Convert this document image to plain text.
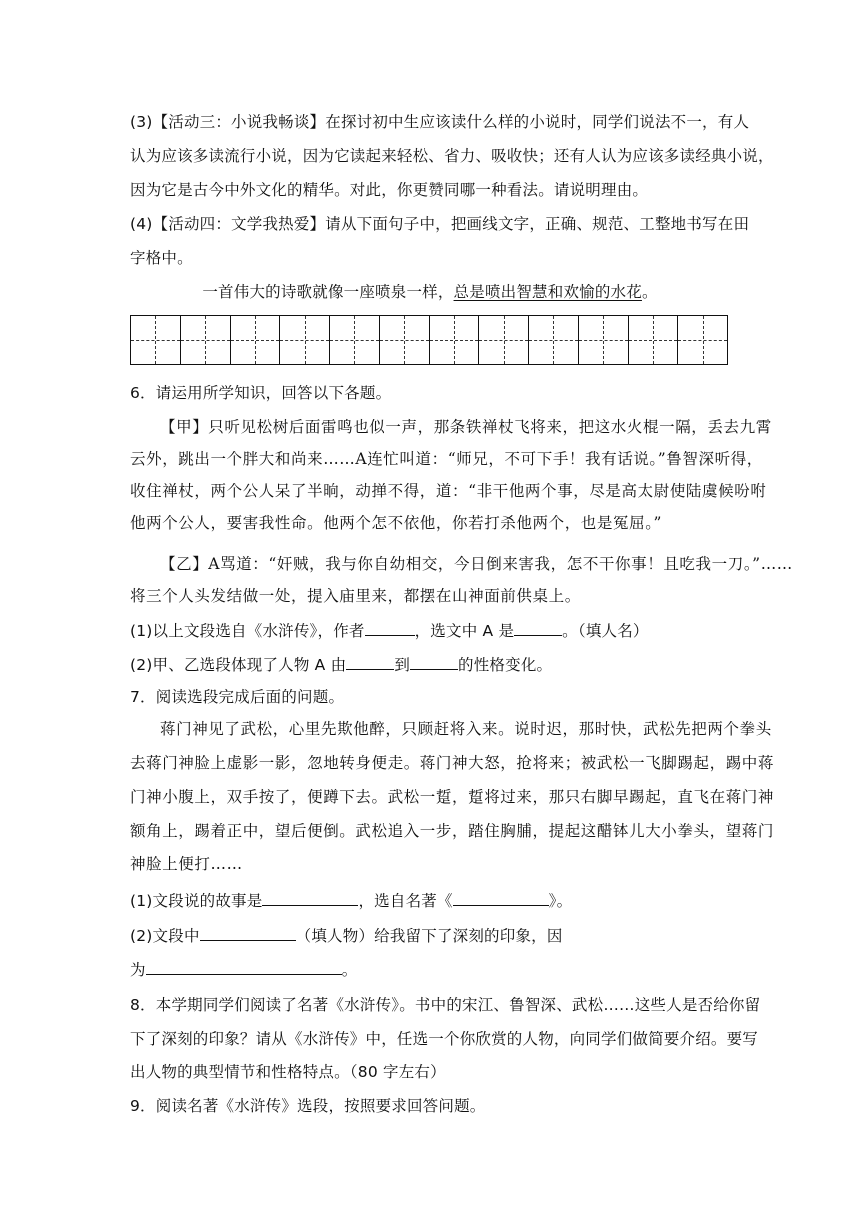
(3)【活动三：小说我畅谈】在探讨初中生应该读什么样的小说时，同学们说法不一，有人
认为应该多读流行小说，因为它读起来轻松、省力、吸收快；还有人认为应该多读经典小说，
因为它是古今中外文化的精华。对此，你更赞同哪一种看法。请说明理由。
(4)【活动四：文学我热爱】请从下面句子中，把画线文字，正确、规范、工整地书写在田
字格中。
一首伟大的诗歌就像一座喷泉一样，总是喷出智慧和欢愉的水花。
6．请运用所学知识，回答以下各题。
【甲】只听见松树后面雷鸣也似一声，那条铁禅杖飞将来，把这水火棍一隔，丢去九霄
云外，跳出一个胖大和尚来……A连忙叫道：“师兄，不可下手！我有话说。”鲁智深听得，
收住禅杖，两个公人呆了半晌，动掸不得，道：“非干他两个事，尽是高太尉使陆虞候吩咐
他两个公人，要害我性命。他两个怎不依他，你若打杀他两个，也是冤屈。”
【乙】A骂道：“奸贼，我与你自幼相交，今日倒来害我，怎不干你事！且吃我一刀。”……
将三个人头发结做一处，提入庙里来，都摆在山神面前供桌上。
(1)以上文段选自《水浒传》，作者	，选文中 A 是	。（填人名）
(2)甲、乙选段体现了人物 A 由	到	的性格变化。
7．阅读选段完成后面的问题。
蒋门神见了武松，心里先欺他醉，只顾赶将入来。说时迟，那时快，武松先把两个拳头
去蒋门神脸上虚影一影，忽地转身便走。蒋门神大怒，抢将来；被武松一飞脚踢起，踢中蒋
门神小腹上，双手按了，便蹲下去。武松一踅，踅将过来，那只右脚早踢起，直飞在蒋门神
额角上，踢着正中，望后便倒。武松追入一步，踏住胸脯，提起这醋钵儿大小拳头，望蒋门
神脸上便打……
(1)文段说的故事是	，选自名著《	》。
(2)文段中	（填人物）给我留下了深刻的印象，因
为	。
8．本学期同学们阅读了名著《水浒传》。书中的宋江、鲁智深、武松……这些人是否给你留
下了深刻的印象？请从《水浒传》中，任选一个你欣赏的人物，向同学们做简要介绍。要写
出人物的典型情节和性格特点。（80 字左右）
9．阅读名著《水浒传》选段，按照要求回答问题。
